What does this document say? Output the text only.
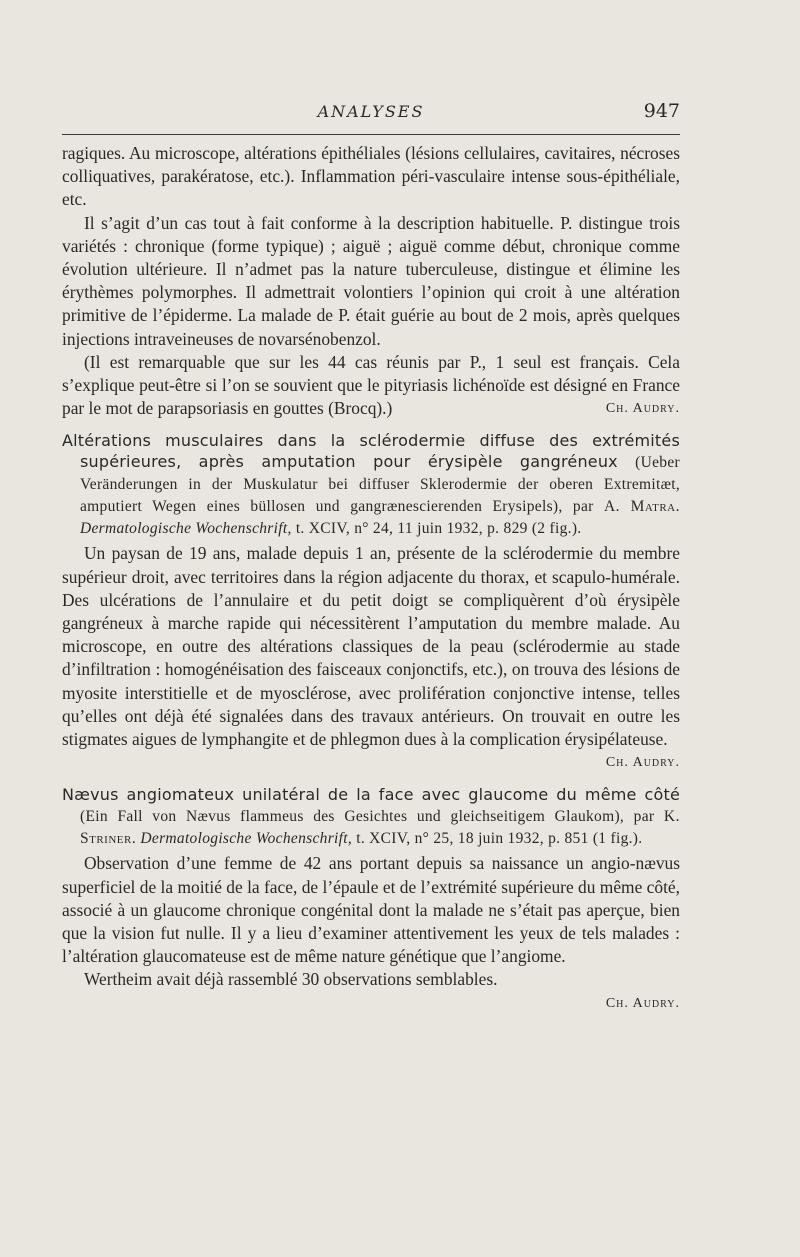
ANALYSES	947

ragiques. Au microscope, altérations épithéliales (lésions cellulaires, cavitaires, nécroses colliquatives, parakératose, etc.). Inflammation péri-vasculaire intense sous-épithéliale, etc.

Il s’agit d’un cas tout à fait conforme à la description habituelle. P. distingue trois variétés : chronique (forme typique) ; aiguë ; aiguë comme début, chronique comme évolution ultérieure. Il n’admet pas la nature tuberculeuse, distingue et élimine les érythèmes polymorphes. Il admettrait volontiers l’opinion qui croit à une altération primitive de l’épiderme. La malade de P. était guérie au bout de 2 mois, après quelques injections intraveineuses de novarsénobenzol.

(Il est remarquable que sur les 44 cas réunis par P., 1 seul est français. Cela s’explique peut-être si l’on se souvient que le pityriasis lichénoïde est désigné en France par le mot de parapsoriasis en gouttes (Brocq).)	Ch. Audry.

Altérations musculaires dans la sclérodermie diffuse des extrémités supérieures, après amputation pour érysipèle gangréneux (Ueber Veränderungen in der Muskulatur bei diffuser Sklerodermie der oberen Extremitæt, amputiert Wegen eines büllosen und gangrænescierenden Erysipels), par A. Matra. Dermatologische Wochenschrift, t. XCIV, n° 24, 11 juin 1932, p. 829 (2 fig.).

Un paysan de 19 ans, malade depuis 1 an, présente de la sclérodermie du membre supérieur droit, avec territoires dans la région adjacente du thorax, et scapulo-humérale. Des ulcérations de l’annulaire et du petit doigt se compliquèrent d’où érysipèle gangréneux à marche rapide qui nécessitèrent l’amputation du membre malade. Au microscope, en outre des altérations classiques de la peau (sclérodermie au stade d’infiltration : homogénéisation des faisceaux conjonctifs, etc.), on trouva des lésions de myosite interstitielle et de myosclérose, avec prolifération conjonctive intense, telles qu’elles ont déjà été signalées dans des travaux antérieurs. On trouvait en outre les stigmates aigues de lymphangite et de phlegmon dues à la complication érysipélateuse.

Ch. Audry.

Nævus angiomateux unilatéral de la face avec glaucome du même côté (Ein Fall von Nævus flammeus des Gesichtes und gleichseitigem Glaukom), par K. Striner. Dermatologische Wochenschrift, t. XCIV, n° 25, 18 juin 1932, p. 851 (1 fig.).

Observation d’une femme de 42 ans portant depuis sa naissance un angio-nævus superficiel de la moitié de la face, de l’épaule et de l’extrémité supérieure du même côté, associé à un glaucome chronique congénital dont la malade ne s’était pas aperçue, bien que la vision fut nulle. Il y a lieu d’examiner attentivement les yeux de tels malades : l’altération glaucomateuse est de même nature génétique que l’angiome.

Wertheim avait déjà rassemblé 30 observations semblables.

Ch. Audry.
